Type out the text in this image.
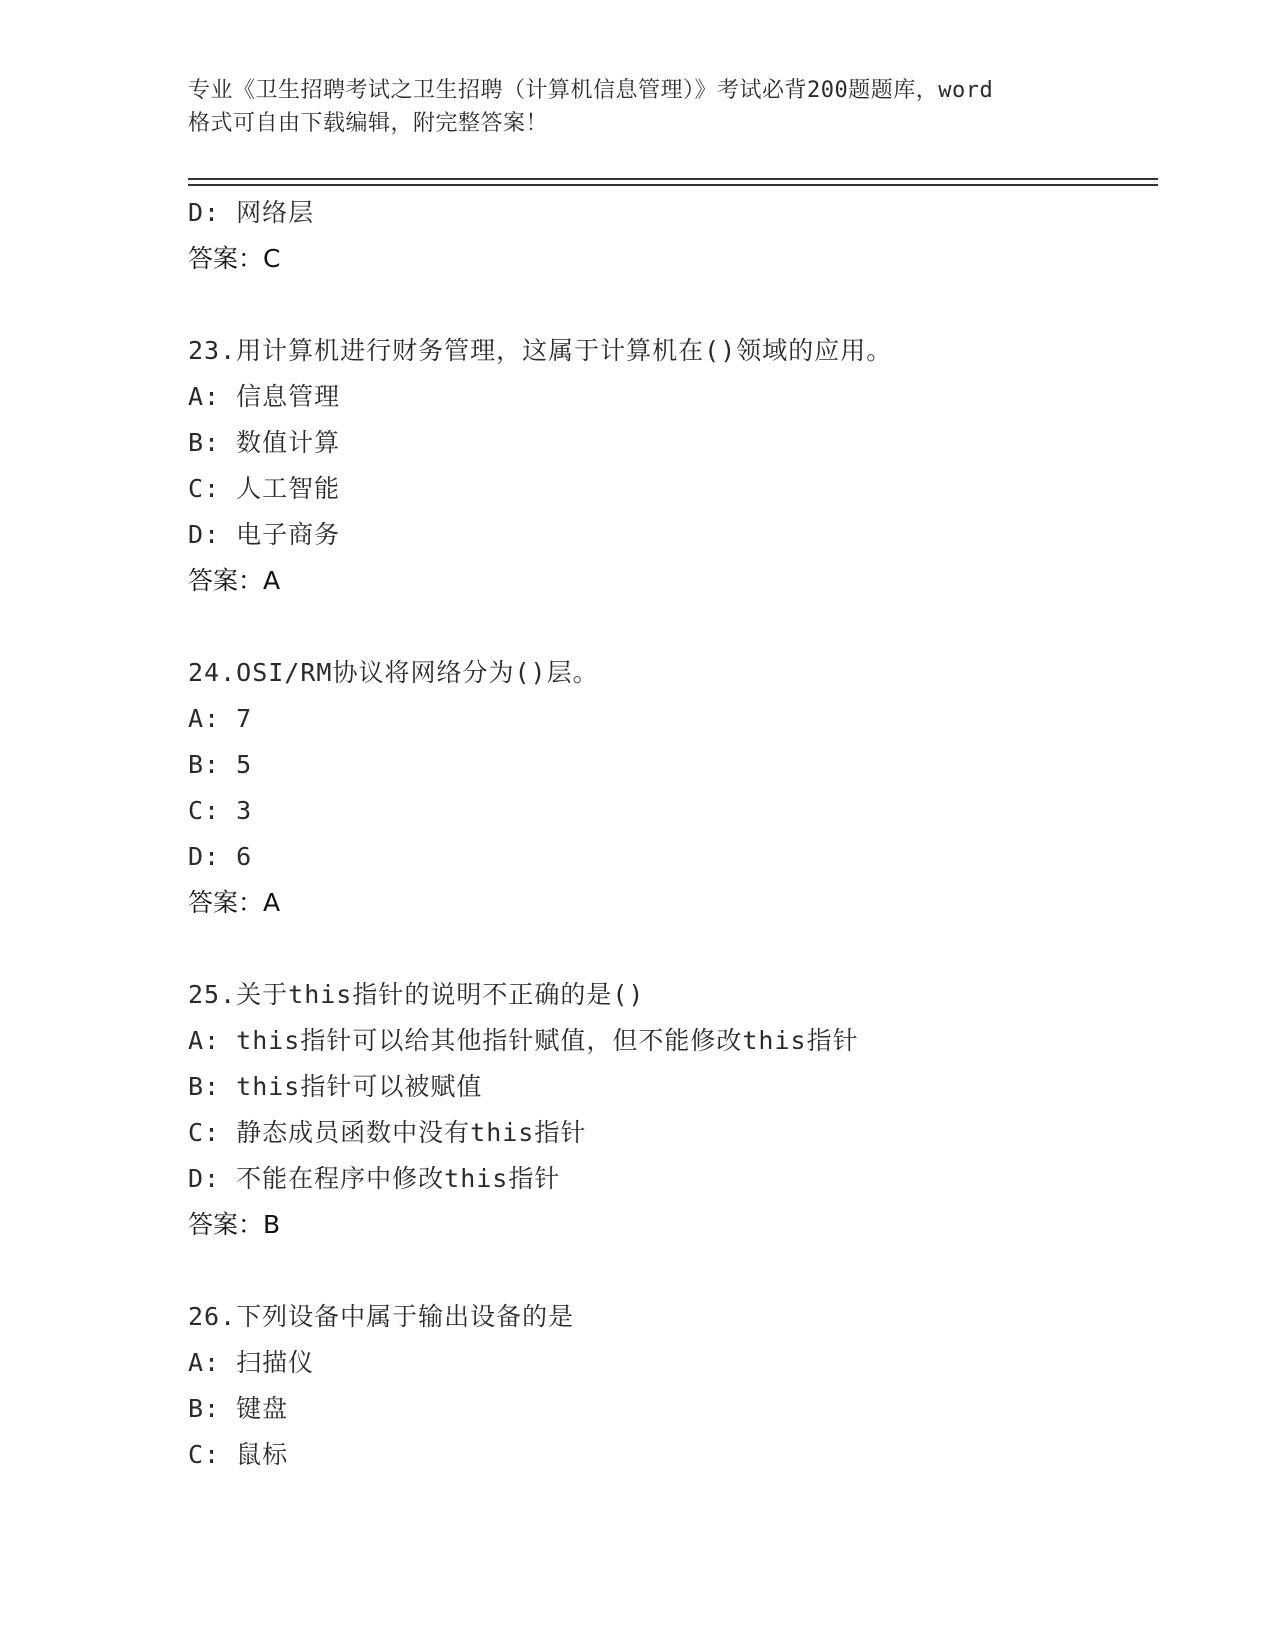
专业《卫生招聘考试之卫生招聘（计算机信息管理）》考试必背200题题库，word
格式可自由下载编辑，附完整答案！
D: 网络层
答案：C
23.用计算机进行财务管理，这属于计算机在()领域的应用。
A: 信息管理
B: 数值计算
C: 人工智能
D: 电子商务
答案：A
24.OSI/RM协议将网络分为()层。
A: 7
B: 5
C: 3
D: 6
答案：A
25.关于this指针的说明不正确的是()
A: this指针可以给其他指针赋值，但不能修改this指针
B: this指针可以被赋值
C: 静态成员函数中没有this指针
D: 不能在程序中修改this指针
答案：B
26.下列设备中属于输出设备的是
A: 扫描仪
B: 键盘
C: 鼠标
